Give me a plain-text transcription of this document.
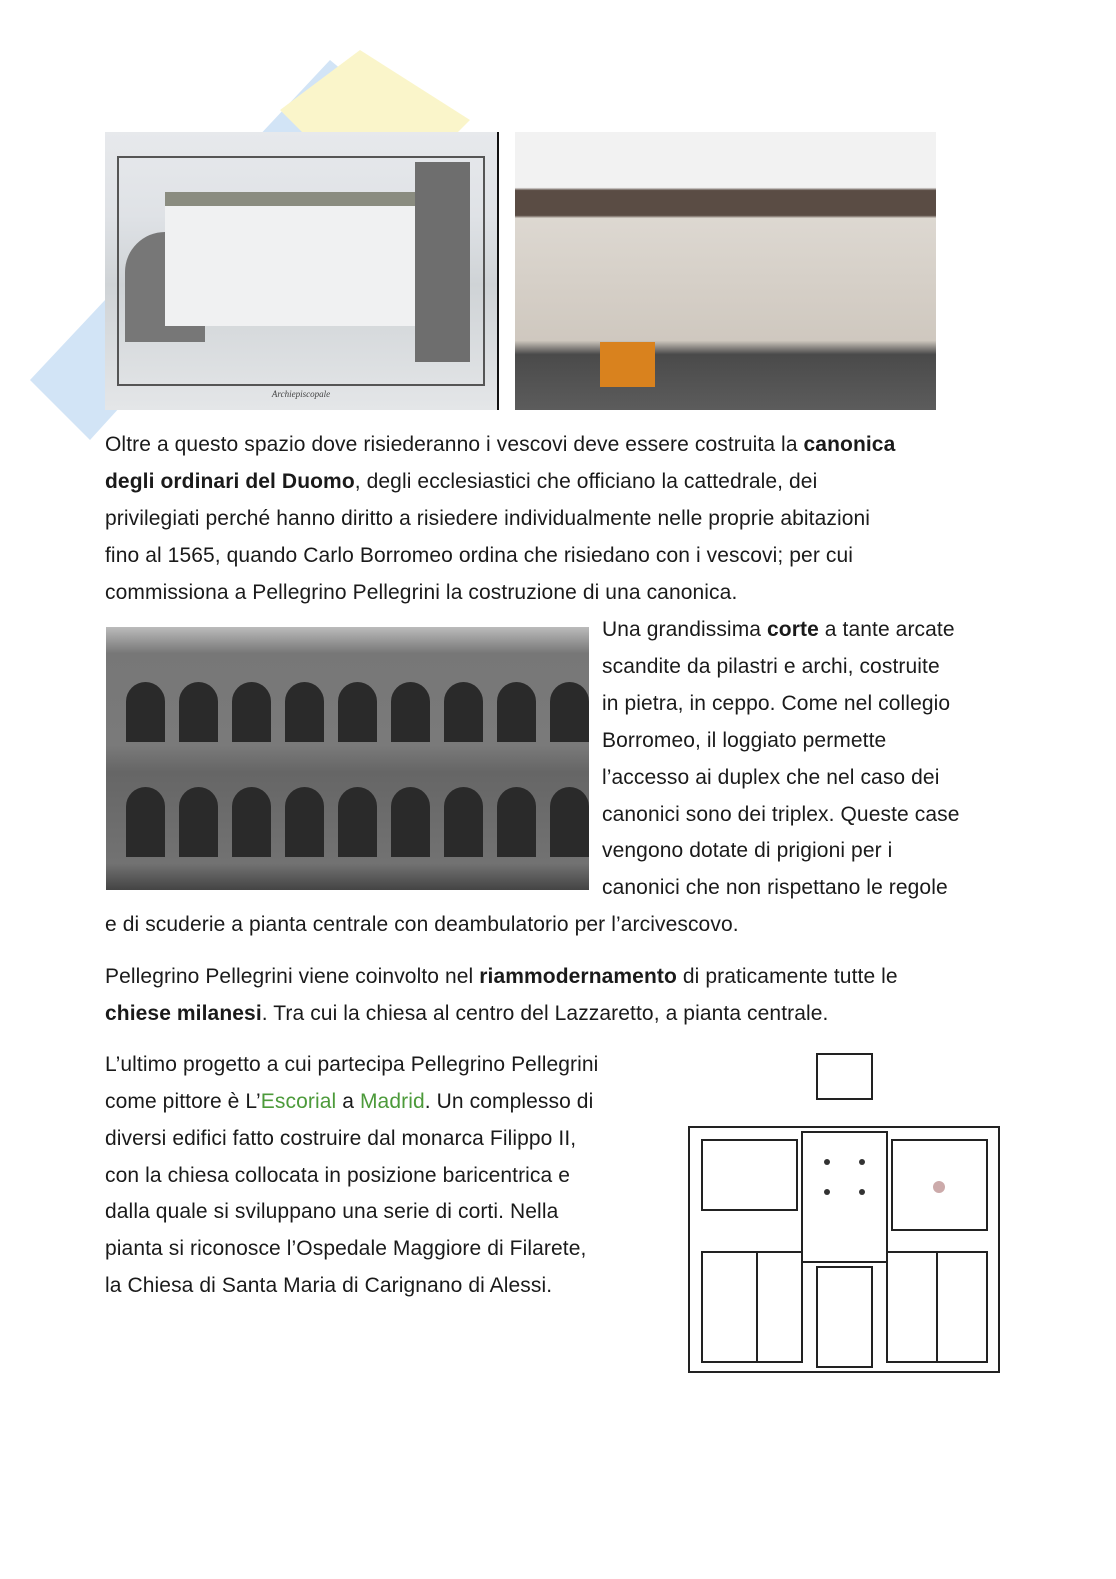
Archiepiscopale
Oltre a questo spazio dove risiederanno i vescovi deve essere costruita la canonica
degli ordinari del Duomo, degli ecclesiastici che officiano la cattedrale, dei
privilegiati perché hanno diritto a risiedere individualmente nelle proprie abitazioni
fino al 1565, quando Carlo Borromeo ordina che risiedano con i vescovi; per cui
commissiona a Pellegrino Pellegrini la costruzione di una canonica.
Una grandissima corte a tante arcate
scandite da pilastri e archi, costruite
in pietra, in ceppo. Come nel collegio
Borromeo, il loggiato permette
l’accesso ai duplex che nel caso dei
canonici sono dei triplex. Queste case
vengono dotate di prigioni per i
canonici che non rispettano le regole
e di scuderie a pianta centrale con deambulatorio per l’arcivescovo.
Pellegrino Pellegrini viene coinvolto nel riammodernamento di praticamente tutte le
chiese milanesi. Tra cui la chiesa al centro del Lazzaretto, a pianta centrale.
L’ultimo progetto a cui partecipa Pellegrino Pellegrini
come pittore è L’Escorial a Madrid. Un complesso di
diversi edifici fatto costruire dal monarca Filippo II,
con la chiesa collocata in posizione baricentrica e
dalla quale si sviluppano una serie di corti. Nella
pianta si riconosce l’Ospedale Maggiore di Filarete,
la Chiesa di Santa Maria di Carignano di Alessi.
